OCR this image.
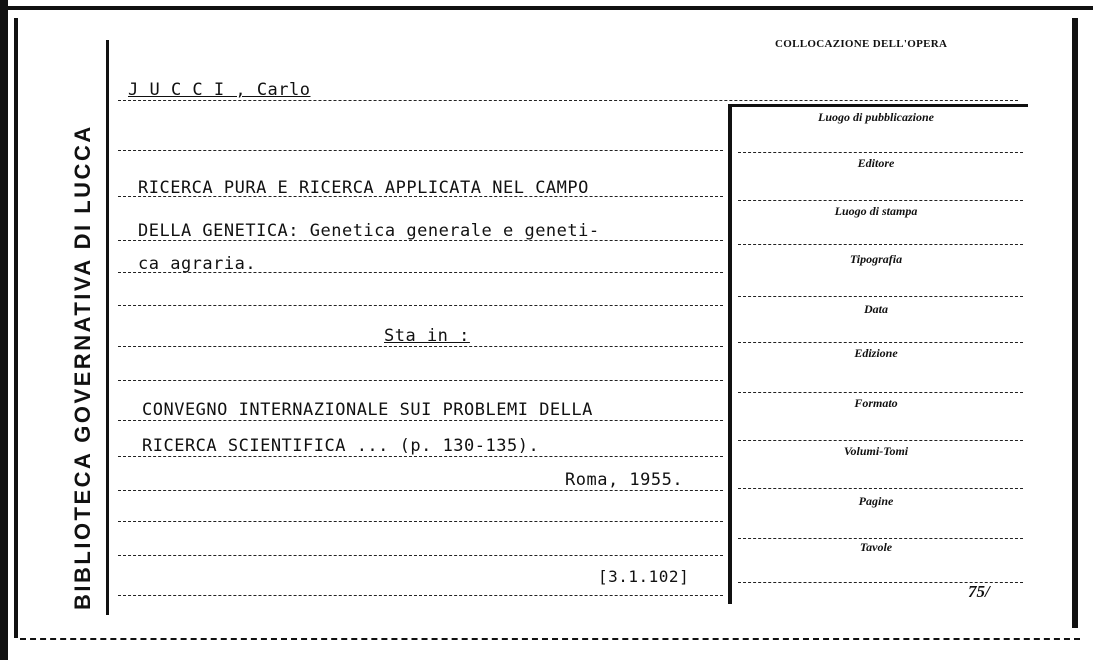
BIBLIOTECA GOVERNATIVA DI LUCCA
COLLOCAZIONE DELL'OPERA
J U C C I , Carlo
RICERCA PURA E RICERCA APPLICATA NEL CAMPO
DELLA GENETICA: Genetica generale e geneti-
ca agraria.
Sta in :
CONVEGNO INTERNAZIONALE SUI PROBLEMI DELLA
RICERCA SCIENTIFICA ... (p. 130-135).
Roma, 1955.
[3.1.102]
Luogo di pubblicazione
Editore
Luogo di stampa
Tipografia
Data
Edizione
Formato
Volumi-Tomi
Pagine
Tavole
75/
